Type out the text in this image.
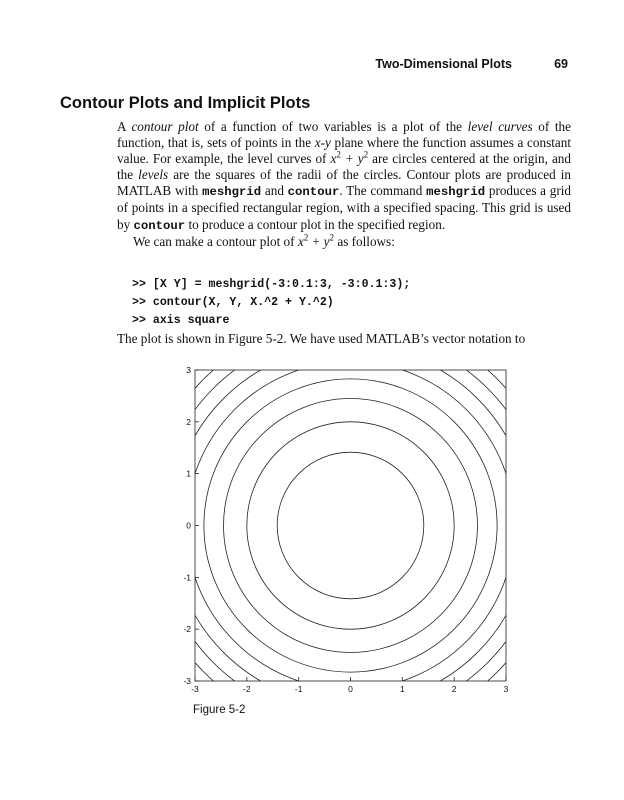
Two-Dimensional Plots	69
Contour Plots and Implicit Plots

A contour plot of a function of two variables is a plot of the level curves of the function, that is, sets of points in the x-y plane where the function assumes a constant value. For example, the level curves of $x^2 + y^2$ are circles centered at the origin, and the levels are the squares of the radii of the circles. Contour plots are produced in MATLAB with meshgrid and contour. The command meshgrid produces a grid of points in a specified rectangular region, with a specified spacing. This grid is used by contour to produce a contour plot in the specified region.

We can make a contour plot of $x^2 + y^2$ as follows:

>> [X Y] = meshgrid(-3:0.1:3, -3:0.1:3);
>> contour(X, Y, X.^2 + Y.^2)
>> axis square

The plot is shown in Figure 5-2. We have used MATLAB’s vector notation to

-3	-2	-1	0	1	2	3
3
2
1
0
-1
-2
-3
Figure 5-2
